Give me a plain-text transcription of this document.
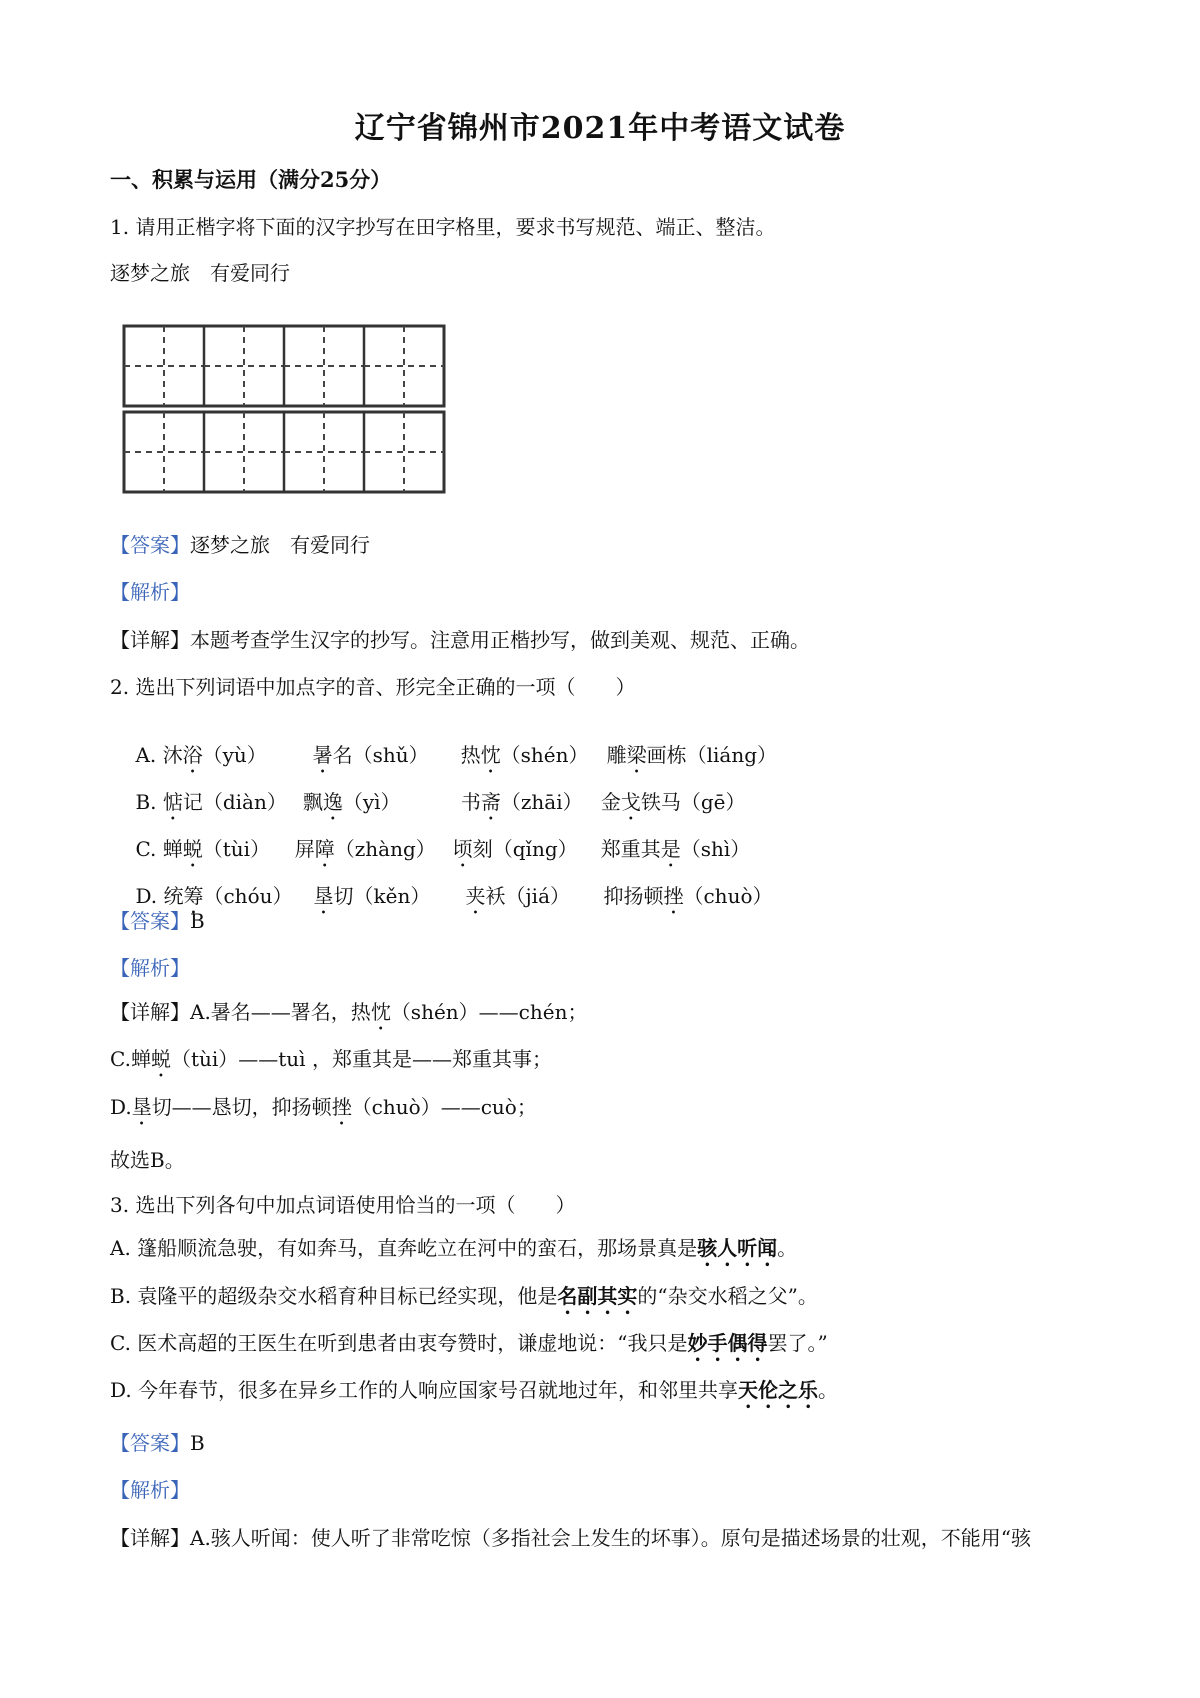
辽宁省锦州市2021年中考语文试卷
一、积累与运用（满分25分）
1. 请用正楷字将下面的汉字抄写在田字格里，要求书写规范、端正、整洁。
逐梦之旅　有爱同行
【答案】逐梦之旅　有爱同行
【解析】
【详解】本题考查学生汉字的抄写。注意用正楷抄写，做到美观、规范、正确。
2. 选出下列词语中加点字的音、形完全正确的一项（　　）

A. 沐浴（yù） 暑名（shǔ） 热忱（shén） 雕梁画栋（liáng）

B. 惦记（diàn） 飘逸（yì）	书斋（zhāi） 金戈铁马（gē）

C. 蝉蜕（tùi） 屏障（zhàng） 顷刻（qǐng） 郑重其是（shì）

D. 统筹（chóu） 垦切（kěn） 夹袄（jiá） 抑扬顿挫（chuò）

【答案】B
【解析】
【详解】A.暑名——署名，热忱（shén）——chén；
C.蝉蜕（tùi）——tuì ，郑重其是——郑重其事；
D.垦切——恳切，抑扬顿挫（chuò）——cuò；
故选B。
3. 选出下列各句中加点词语使用恰当的一项（　　）
A. 篷船顺流急驶，有如奔马，直奔屹立在河中的蛮石，那场景真是骇人听闻。
B. 袁隆平的超级杂交水稻育种目标已经实现，他是名副其实的“杂交水稻之父”。
C. 医术高超的王医生在听到患者由衷夸赞时，谦虚地说：“我只是妙手偶得罢了。”
D. 今年春节，很多在异乡工作的人响应国家号召就地过年，和邻里共享天伦之乐。
【答案】B
【解析】
【详解】A.骇人听闻：使人听了非常吃惊（多指社会上发生的坏事）。原句是描述场景的壮观，不能用“骇
